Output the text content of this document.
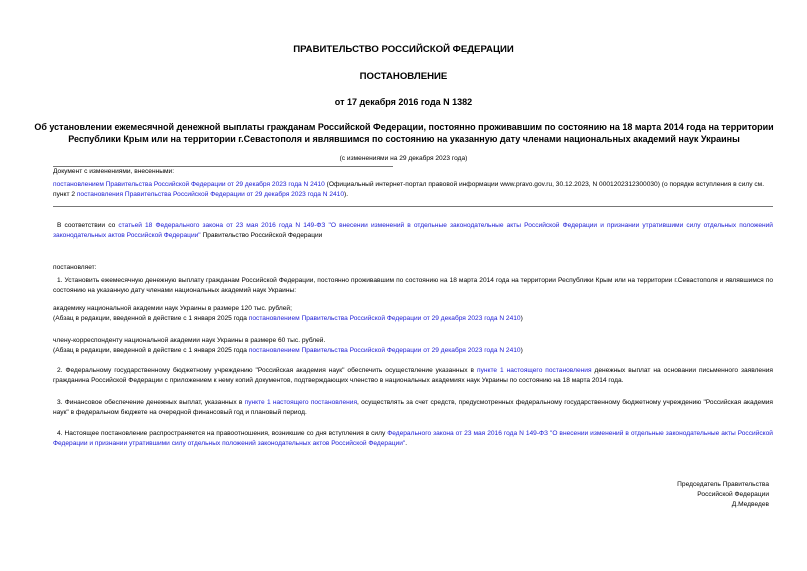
ПРАВИТЕЛЬСТВО РОССИЙСКОЙ ФЕДЕРАЦИИ
ПОСТАНОВЛЕНИЕ
от 17 декабря 2016 года N 1382
Об установлении ежемесячной денежной выплаты гражданам Российской Федерации, постоянно проживавшим по состоянию на 18 марта 2014 года на территории Республики Крым или на территории г.Севастополя и являвшимся по состоянию на указанную дату членами национальных академий наук Украины
(с изменениями на 29 декабря 2023 года)
Документ с изменениями, внесенными:
постановлением Правительства Российской Федерации от 29 декабря 2023 года N 2410 (Официальный интернет-портал правовой информации www.pravo.gov.ru, 30.12.2023, N 0001202312300030) (о порядке вступления в силу см. пункт 2 постановления Правительства Российской Федерации от 29 декабря 2023 года N 2410).
В соответствии со статьей 18 Федерального закона от 23 мая 2016 года N 149-ФЗ "О внесении изменений в отдельные законодательные акты Российской Федерации и признании утратившими силу отдельных положений законодательных актов Российской Федерации" Правительство Российской Федерации
постановляет:
1. Установить ежемесячную денежную выплату гражданам Российской Федерации, постоянно проживавшим по состоянию на 18 марта 2014 года на территории Республики Крым или на территории г.Севастополя и являвшимся по состоянию на указанную дату членами национальных академий наук Украины:
академику национальной академии наук Украины в размере 120 тыс. рублей;
(Абзац в редакции, введенной в действие с 1 января 2025 года постановлением Правительства Российской Федерации от 29 декабря 2023 года N 2410)
члену-корреспонденту национальной академии наук Украины в размере 60 тыс. рублей.
(Абзац в редакции, введенной в действие с 1 января 2025 года постановлением Правительства Российской Федерации от 29 декабря 2023 года N 2410)
2. Федеральному государственному бюджетному учреждению "Российская академия наук" обеспечить осуществление указанных в пункте 1 настоящего постановления денежных выплат на основании письменного заявления гражданина Российской Федерации с приложением к нему копий документов, подтверждающих членство в национальных академиях наук Украины по состоянию на 18 марта 2014 года.
3. Финансовое обеспечение денежных выплат, указанных в пункте 1 настоящего постановления, осуществлять за счет средств, предусмотренных федеральному государственному бюджетному учреждению "Российская академия наук" в федеральном бюджете на очередной финансовый год и плановый период.
4. Настоящее постановление распространяется на правоотношения, возникшие со дня вступления в силу Федерального закона от 23 мая 2016 года N 149-ФЗ "О внесении изменений в отдельные законодательные акты Российской Федерации и признании утратившими силу отдельных положений законодательных актов Российской Федерации".
Председатель Правительства
Российской Федерации
Д.Медведев
